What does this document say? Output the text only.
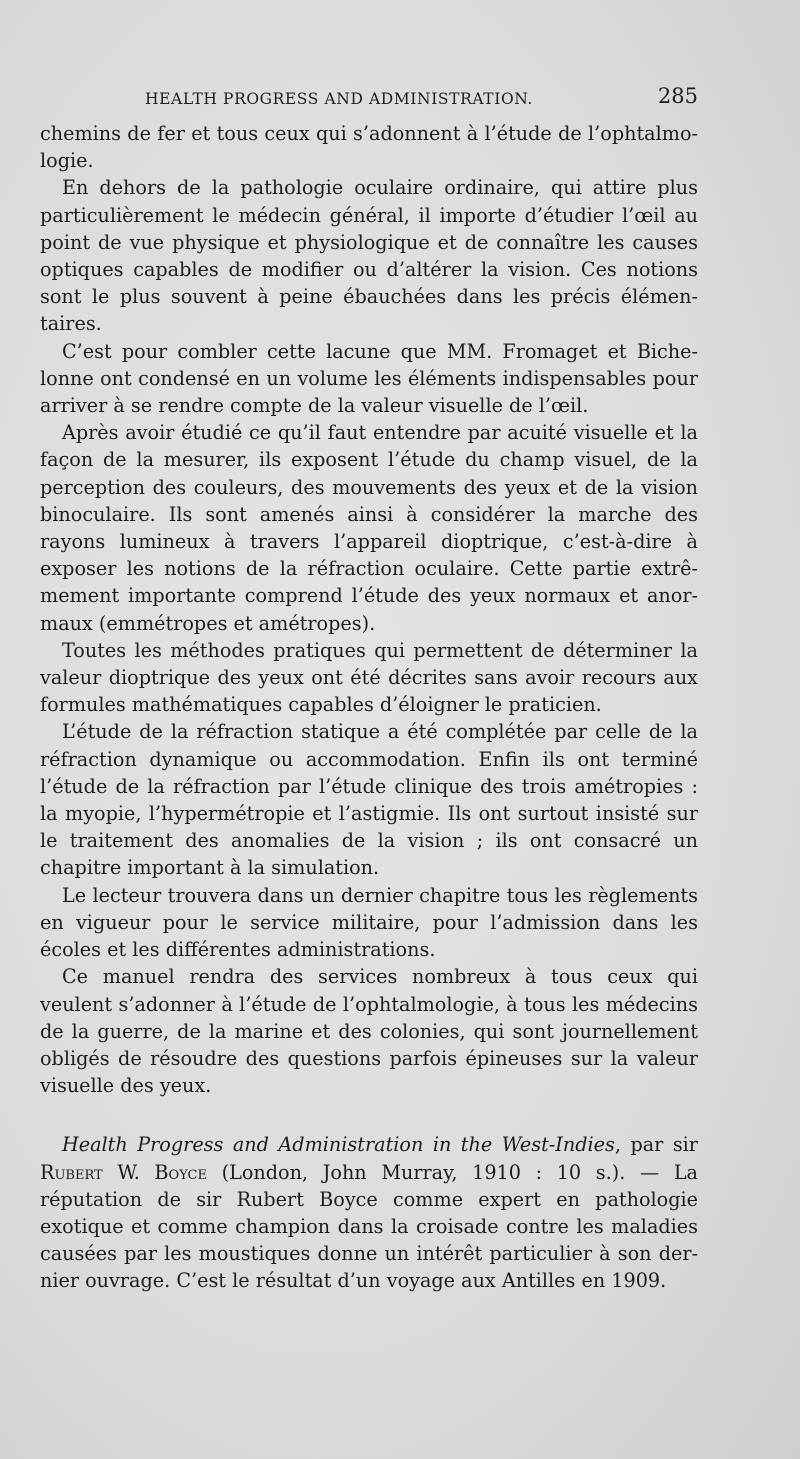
HEALTH PROGRESS AND ADMINISTRATION.	285

chemins de fer et tous ceux qui s’adonnent à l’étude de l’ophtalmologie.

En dehors de la pathologie oculaire ordinaire, qui attire plus particulièrement le médecin général, il importe d’étudier l’œil au point de vue physique et physiologique et de connaître les causes optiques capables de modifier ou d’altérer la vision. Ces notions sont le plus souvent à peine ébauchées dans les précis élémentaires.

C’est pour combler cette lacune que MM. Fromaget et Bichelonne ont condensé en un volume les éléments indispensables pour arriver à se rendre compte de la valeur visuelle de l’œil.

Après avoir étudié ce qu’il faut entendre par acuité visuelle et la façon de la mesurer, ils exposent l’étude du champ visuel, de la perception des couleurs, des mouvements des yeux et de la vision binoculaire. Ils sont amenés ainsi à considérer la marche des rayons lumineux à travers l’appareil dioptrique, c’est-à-dire à exposer les notions de la réfraction oculaire. Cette partie extrêmement importante comprend l’étude des yeux normaux et anormaux (emmétropes et amétropes).

Toutes les méthodes pratiques qui permettent de déterminer la valeur dioptrique des yeux ont été décrites sans avoir recours aux formules mathématiques capables d’éloigner le praticien.

L’étude de la réfraction statique a été complétée par celle de la réfraction dynamique ou accommodation. Enfin ils ont terminé l’étude de la réfraction par l’étude clinique des trois amétropies : la myopie, l’hypermétropie et l’astigmie. Ils ont surtout insisté sur le traitement des anomalies de la vision ; ils ont consacré un chapitre important à la simulation.

Le lecteur trouvera dans un dernier chapitre tous les règlements en vigueur pour le service militaire, pour l’admission dans les écoles et les différentes administrations.

Ce manuel rendra des services nombreux à tous ceux qui veulent s’adonner à l’étude de l’ophtalmologie, à tous les médecins de la guerre, de la marine et des colonies, qui sont journellement obligés de résoudre des questions parfois épineuses sur la valeur visuelle des yeux.

Health Progress and Administration in the West-Indies, par sir Rubert W. Boyce (London, John Murray, 1910 : 10 s.). — La réputation de sir Rubert Boyce comme expert en pathologie exotique et comme champion dans la croisade contre les maladies causées par les moustiques donne un intérêt particulier à son dernier ouvrage. C’est le résultat d’un voyage aux Antilles en 1909.
